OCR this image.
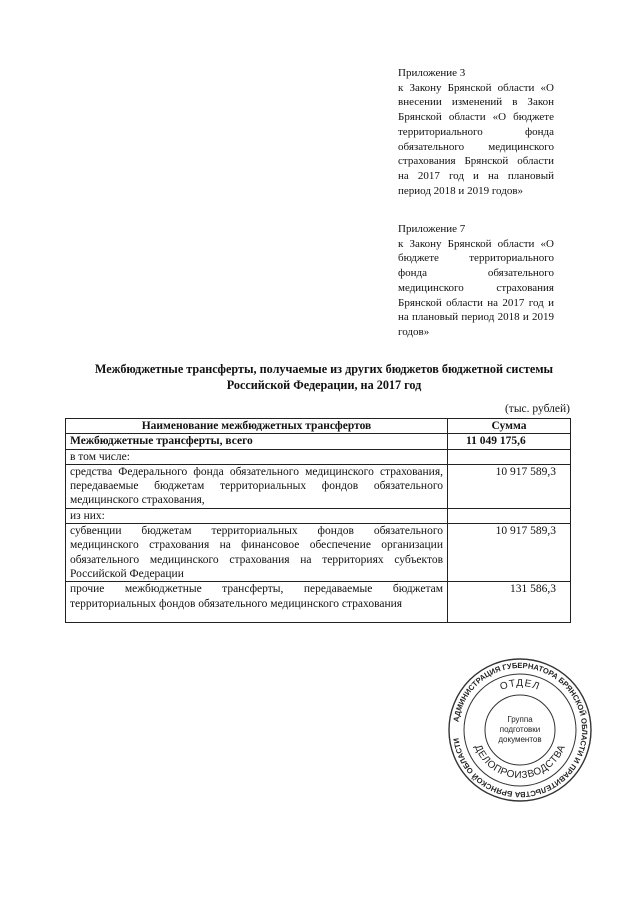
Приложение 3
к Закону Брянской области «О внесении изменений в Закон Брянской области «О бюджете территориального фонда обязательного медицинского страхования Брянской области на 2017 год и на плановый период 2018 и 2019 годов»
Приложение 7
к Закону Брянской области «О бюджете территориального фонда обязательного медицинского страхования Брянской области на 2017 год и на плановый период 2018 и 2019 годов»
Межбюджетные трансферты, получаемые из других бюджетов бюджетной системы Российской Федерации, на 2017 год
(тыс. рублей)
Наименование межбюджетных трансфертов	Сумма
Межбюджетные трансферты, всего	11 049 175,6
в том числе:	
средства Федерального фонда обязательного медицинского страхования, передаваемые бюджетам территориальных фондов обязательного медицинского страхования,	10 917 589,3
из них:	
субвенции бюджетам территориальных фондов обязательного медицинского страхования на финансовое обеспечение организации обязательного медицинского страхования на территориях субъектов Российской Федерации	10 917 589,3
прочие межбюджетные трансферты, передаваемые бюджетам территориальных фондов обязательного медицинского страхования	131 586,3
АДМИНИСТРАЦИЯ ГУБЕРНАТОРА БРЯНСКОЙ ОБЛАСТИ И ПРАВИТЕЛЬСТВА БРЯНСКОЙ ОБЛАСТИ
ОТДЕЛ
ДЕЛОПРОИЗВОДСТВА
Группа
подготовки
документов
